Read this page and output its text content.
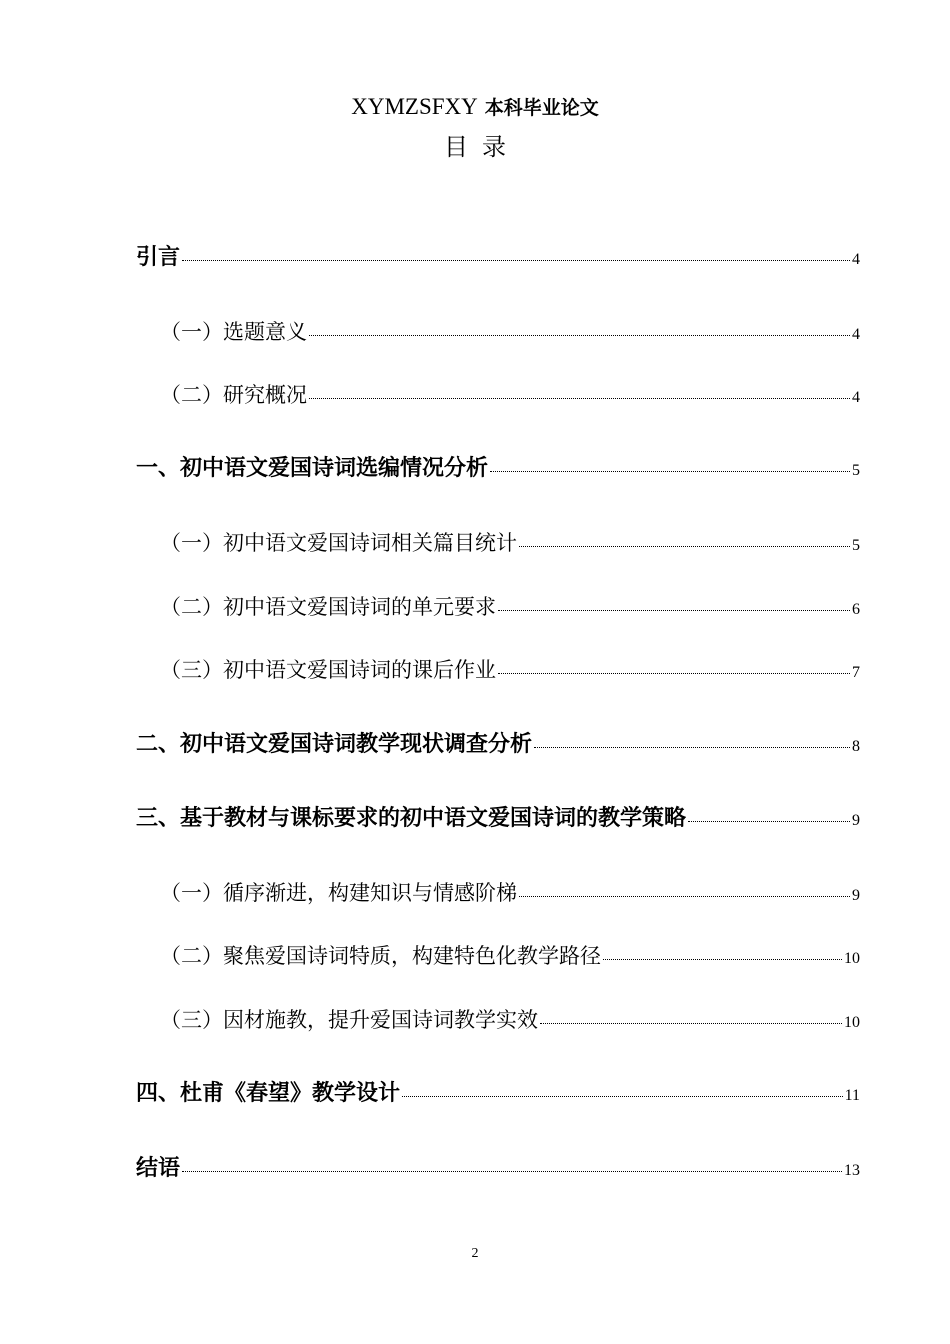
XYMZSFXY 本科毕业论文
目录
引言	4
（一）选题意义	4
（二）研究概况	4
一、初中语文爱国诗词选编情况分析	5
（一）初中语文爱国诗词相关篇目统计	5
（二）初中语文爱国诗词的单元要求	6
（三）初中语文爱国诗词的课后作业	7
二、初中语文爱国诗词教学现状调查分析	8
三、基于教材与课标要求的初中语文爱国诗词的教学策略	9
（一）循序渐进，构建知识与情感阶梯	9
（二）聚焦爱国诗词特质，构建特色化教学路径	10
（三）因材施教，提升爱国诗词教学实效	10
四、杜甫《春望》教学设计	11
结语	13
2
